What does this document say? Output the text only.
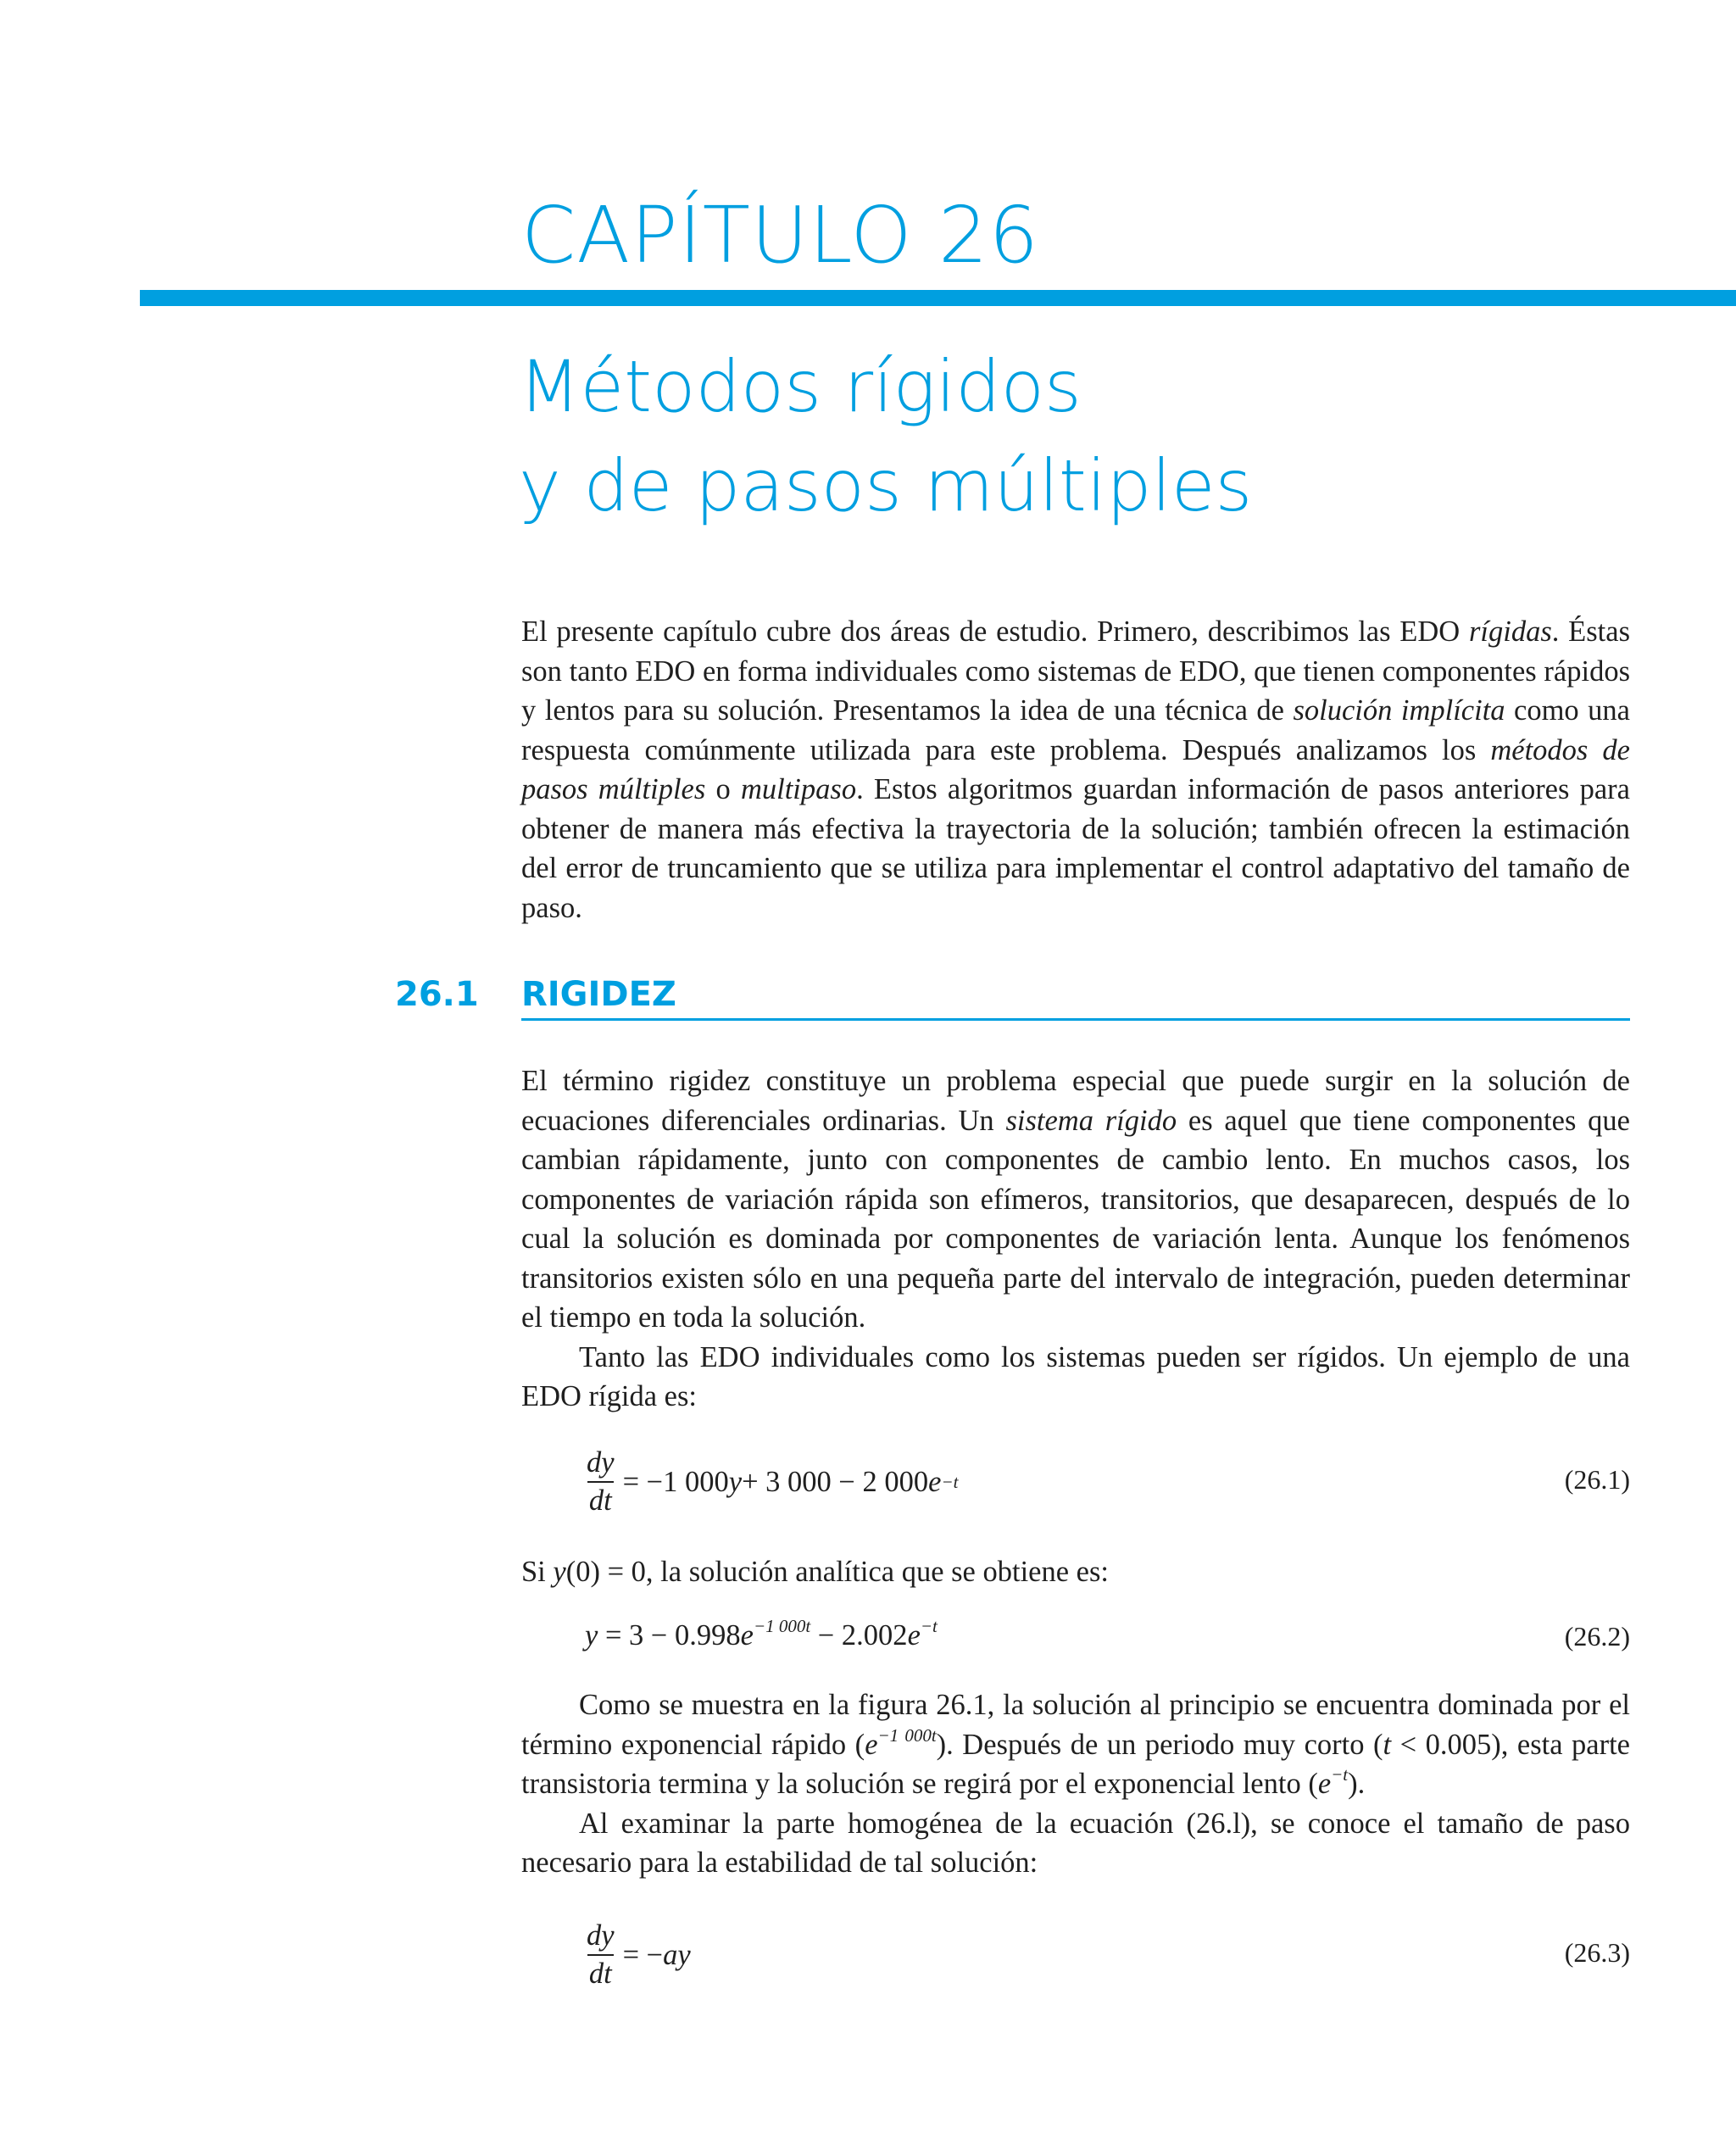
CAPÍTULO 26
Métodos rígidos
y de pasos múltiples

El presente capítulo cubre dos áreas de estudio. Primero, describimos las EDO rígidas. Éstas son tanto EDO en forma individuales como sistemas de EDO, que tienen componentes rápidos y lentos para su solución. Presentamos la idea de una técnica de solución implícita como una respuesta comúnmente utilizada para este problema. Después analizamos los métodos de pasos múltiples o multipaso. Estos algoritmos guardan información de pasos anteriores para obtener de manera más efectiva la trayectoria de la solución; también ofrecen la estimación del error de truncamiento que se utiliza para implementar el control adaptativo del tamaño de paso.

26.1 RIGIDEZ

El término rigidez constituye un problema especial que puede surgir en la solución de ecuaciones diferenciales ordinarias. Un sistema rígido es aquel que tiene componentes que cambian rápidamente, junto con componentes de cambio lento. En muchos casos, los componentes de variación rápida son efímeros, transitorios, que desaparecen, después de lo cual la solución es dominada por componentes de variación lenta. Aunque los fenómenos transitorios existen sólo en una pequeña parte del intervalo de integración, pueden determinar el tiempo en toda la solución.

Tanto las EDO individuales como los sistemas pueden ser rígidos. Un ejemplo de una EDO rígida es:

$\frac{dy}{dt} = -1$ 000 y + 3 000 − 2 000 e −t	(26.1)

Si y(0) = 0, la solución analítica que se obtiene es:

$y = 3 - 0.998e^{-1 000t} - 2.002e^{-t}$	(26.2)

Como se muestra en la figura 26.1, la solución al principio se encuentra dominada por el término exponencial rápido $(e^{-1 000t})$. Después de un periodo muy corto (t < 0.005), esta parte transistoria termina y la solución se regirá por el exponencial lento $(e^{-t})$.

Al examinar la parte homogénea de la ecuación (26.l), se conoce el tamaño de paso necesario para la estabilidad de tal solución:

$\frac{dy}{dt}$ = − ay	(26.3)
